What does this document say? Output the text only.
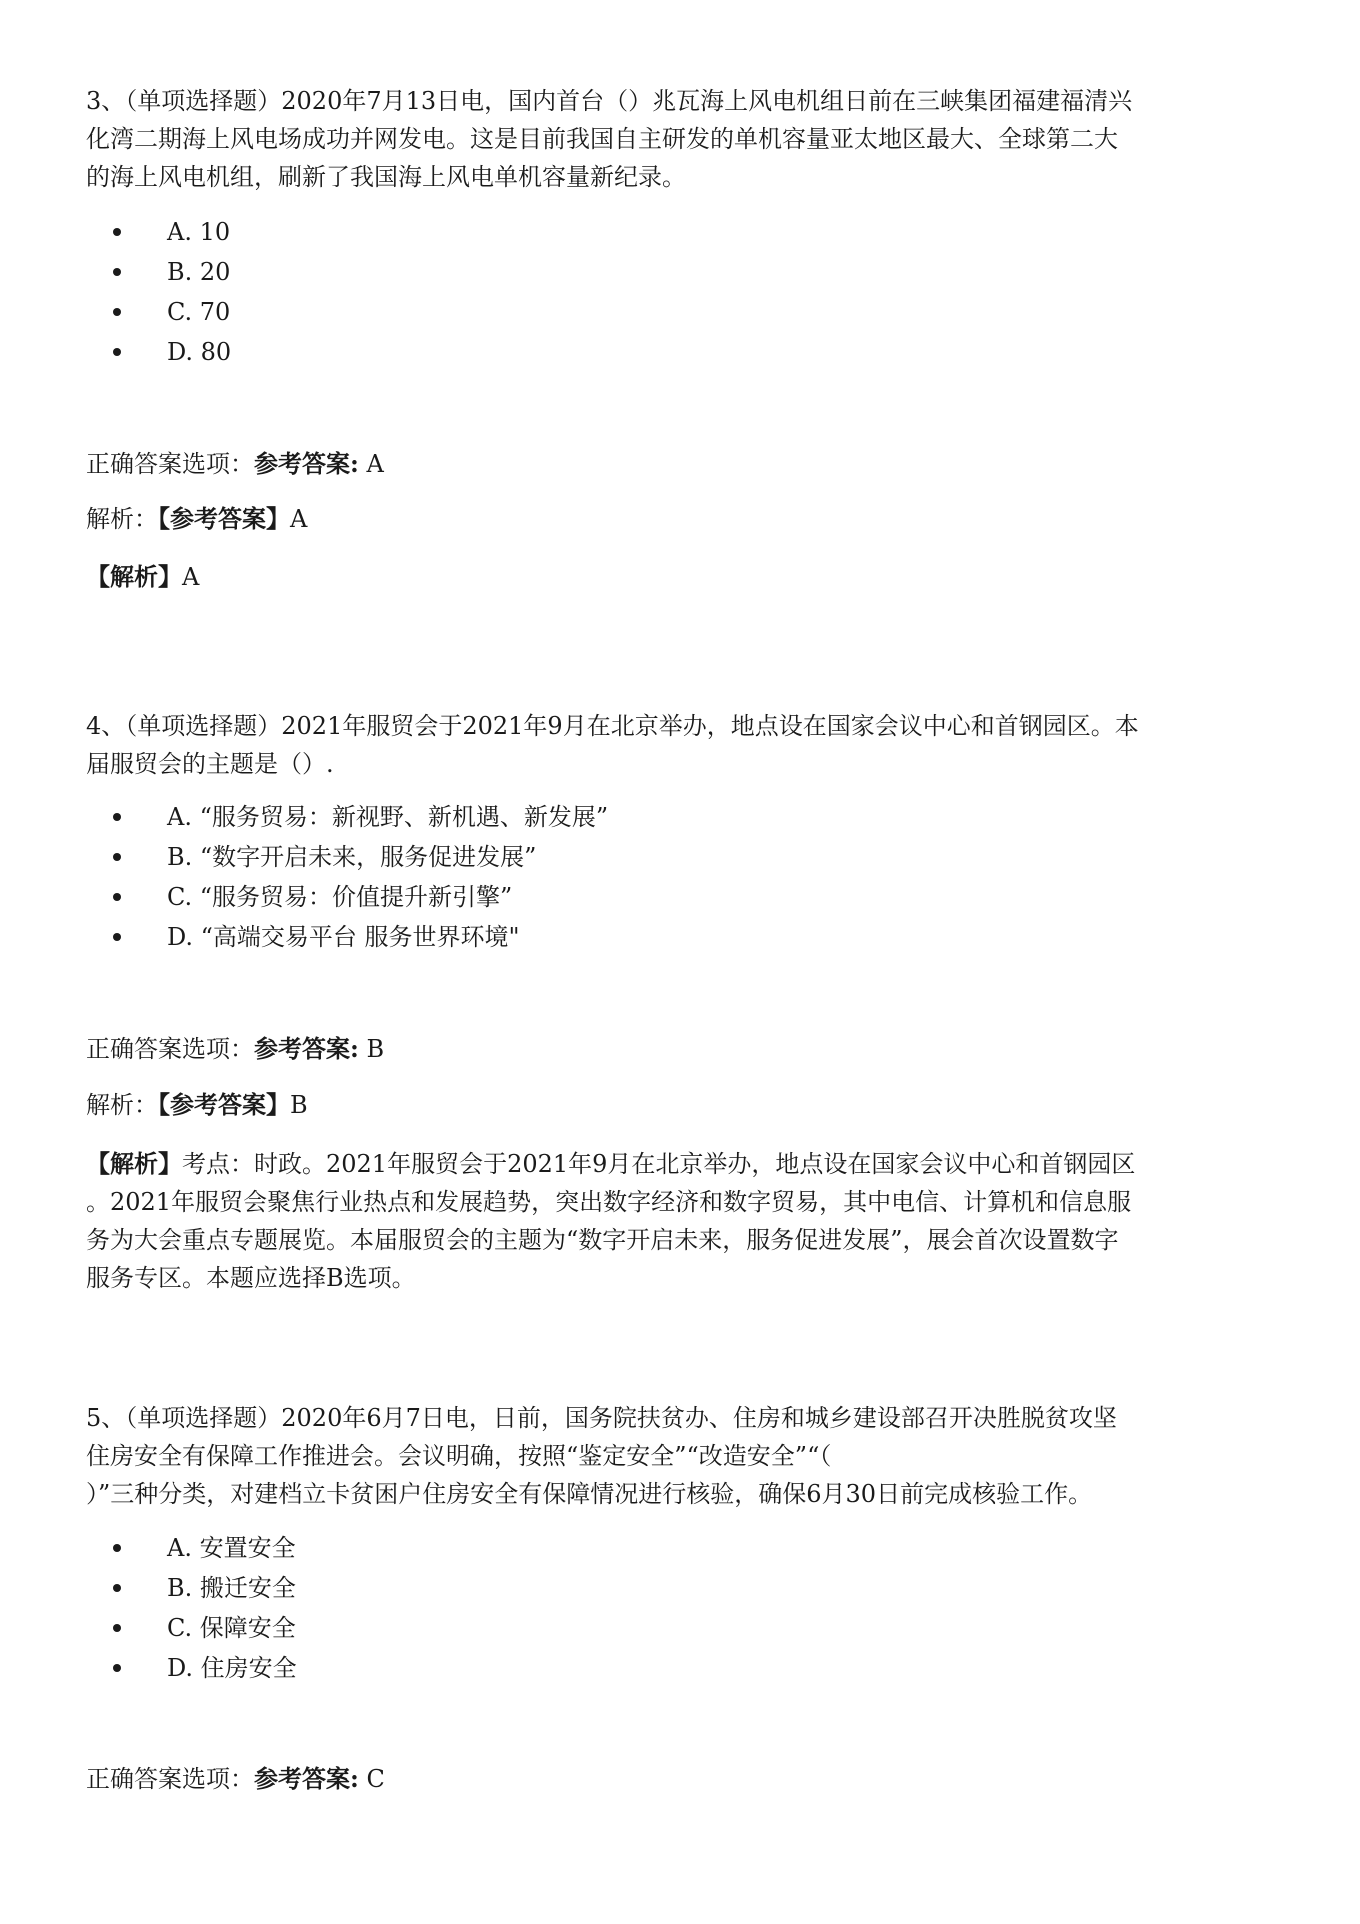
3、（单项选择题）2020年7月13日电，国内首台（）兆瓦海上风电机组日前在三峡集团福建福清兴
化湾二期海上风电场成功并网发电。这是目前我国自主研发的单机容量亚太地区最大、全球第二大
的海上风电机组，刷新了我国海上风电单机容量新纪录。

A. 10
B. 20
C. 70
D. 80

正确答案选项：参考答案: A

解析：【参考答案】A

【解析】A

4、（单项选择题）2021年服贸会于2021年9月在北京举办，地点设在国家会议中心和首钢园区。本
届服贸会的主题是（）.

A. “服务贸易：新视野、新机遇、新发展”
B. “数字开启未来，服务促进发展”
C. “服务贸易：价值提升新引擎”
D. “高端交易平台 服务世界环境"

正确答案选项：参考答案: B

解析：【参考答案】B

【解析】考点：时政。2021年服贸会于2021年9月在北京举办，地点设在国家会议中心和首钢园区
。2021年服贸会聚焦行业热点和发展趋势，突出数字经济和数字贸易，其中电信、计算机和信息服
务为大会重点专题展览。本届服贸会的主题为“数字开启未来，服务促进发展”，展会首次设置数字
服务专区。本题应选择B选项。

5、（单项选择题）2020年6月7日电，日前，国务院扶贫办、住房和城乡建设部召开决胜脱贫攻坚
住房安全有保障工作推进会。会议明确，按照“鉴定安全”“改造安全”“（
）”三种分类，对建档立卡贫困户住房安全有保障情况进行核验，确保6月30日前完成核验工作。

A. 安置安全
B. 搬迁安全
C. 保障安全
D. 住房安全

正确答案选项：参考答案: C
